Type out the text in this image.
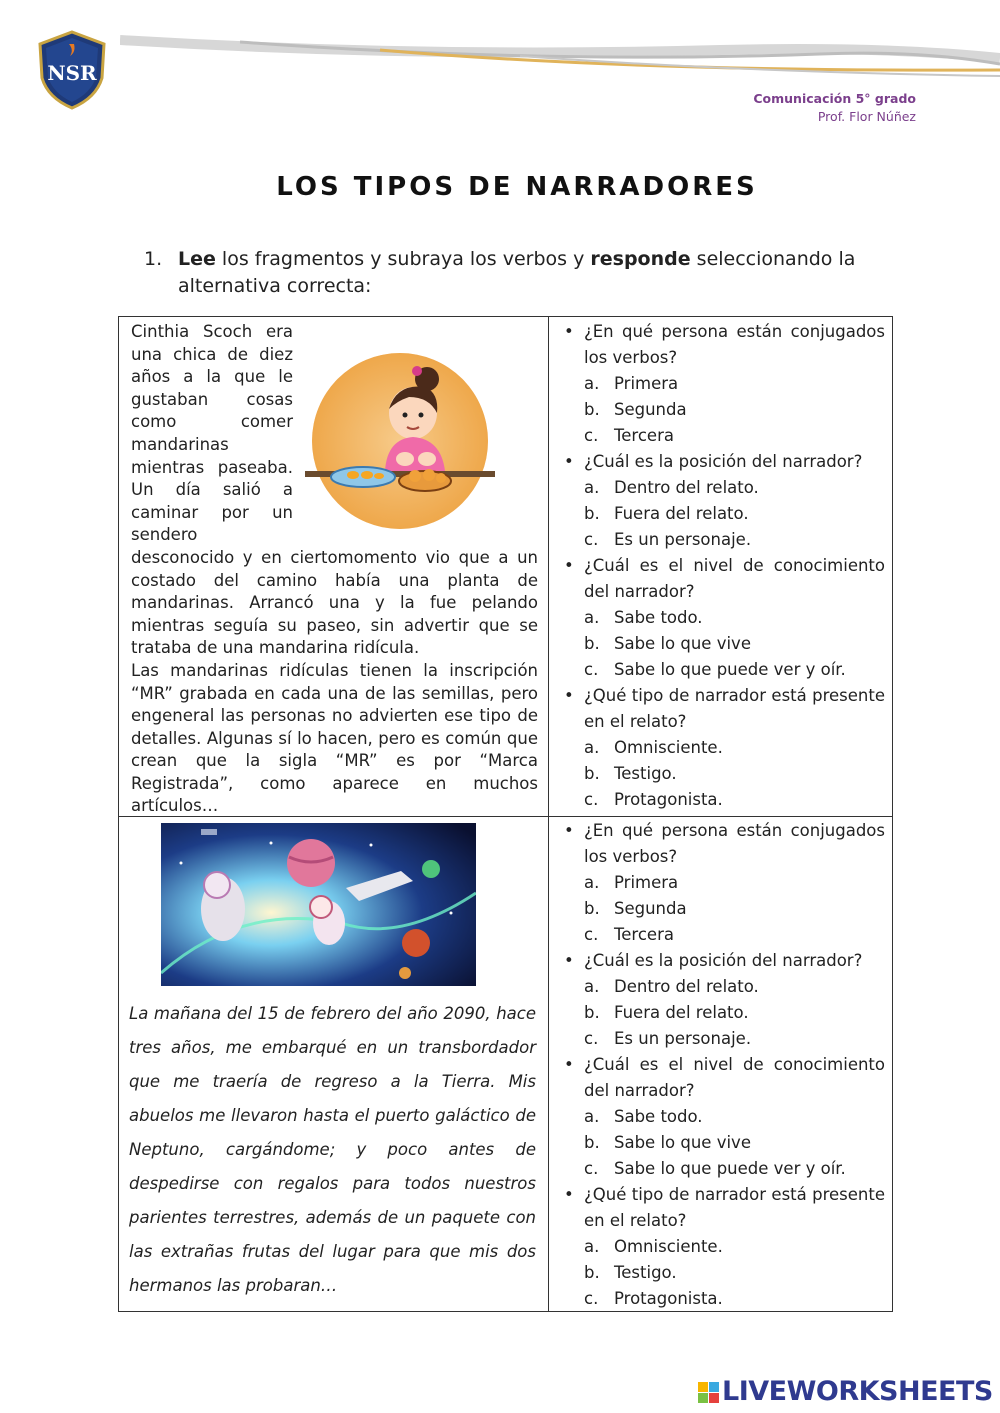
NSR
Comunicación 5° grado
Prof. Flor Núñez
LOS TIPOS DE NARRADORES
1. Lee los fragmentos y subraya los verbos y responde seleccionando la alternativa correcta:
Cinthia Scoch era una chica de diez años a la que le gustaban cosas como comer mandarinas mientras paseaba. Un día salió a caminar por un sendero desconocido y en ciertomomento vio que a un costado del camino había una planta de mandarinas. Arrancó una y la fue pelando mientras seguía su paseo, sin advertir que se trataba de una mandarina ridícula.
Las mandarinas ridículas tienen la inscripción “MR” grabada en cada una de las semillas, pero engeneral las personas no advierten ese tipo de detalles. Algunas sí lo hacen, pero es común que crean que la sigla “MR” es por “Marca Registrada”, como aparece en muchos artículos…
• ¿En qué persona están conjugados los verbos?
a. Primera
b. Segunda
c. Tercera
• ¿Cuál es la posición del narrador?
a. Dentro del relato.
b. Fuera del relato.
c. Es un personaje.
• ¿Cuál es el nivel de conocimiento del narrador?
a. Sabe todo.
b. Sabe lo que vive
c. Sabe lo que puede ver y oír.
• ¿Qué tipo de narrador está presente en el relato?
a. Omnisciente.
b. Testigo.
c. Protagonista.
La mañana del 15 de febrero del año 2090, hace tres años, me embarqué en un transbordador que me traería de regreso a la Tierra. Mis abuelos me llevaron hasta el puerto galáctico de Neptuno, cargándome; y poco antes de despedirse con regalos para todos nuestros parientes terrestres, además de un paquete con las extrañas frutas del lugar para que mis dos hermanos las probaran…
• ¿En qué persona están conjugados los verbos?
a. Primera
b. Segunda
c. Tercera
• ¿Cuál es la posición del narrador?
a. Dentro del relato.
b. Fuera del relato.
c. Es un personaje.
• ¿Cuál es el nivel de conocimiento del narrador?
a. Sabe todo.
b. Sabe lo que vive
c. Sabe lo que puede ver y oír.
• ¿Qué tipo de narrador está presente en el relato?
a. Omnisciente.
b. Testigo.
c. Protagonista.
LIVEWORKSHEETS
